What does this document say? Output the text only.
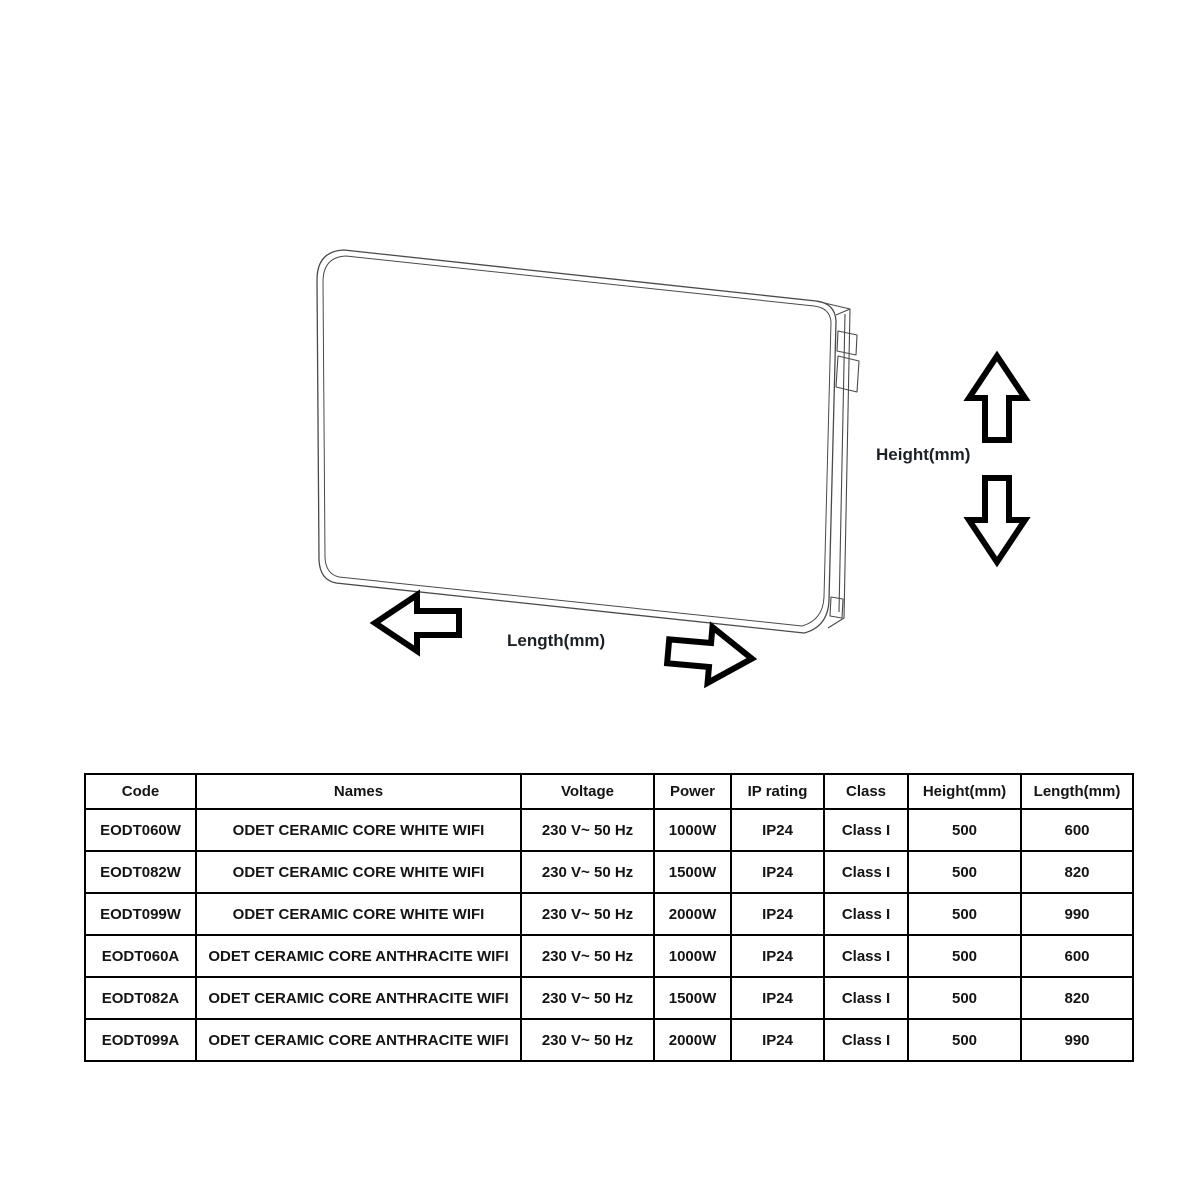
Height(mm)
Length(mm)
Code	Names	Voltage	Power	IP rating	Class	Height(mm)	Length(mm)
EODT060W	ODET CERAMIC CORE WHITE WIFI	230 V~ 50 Hz	1000W	IP24	Class I	500	600
EODT082W	ODET CERAMIC CORE WHITE WIFI	230 V~ 50 Hz	1500W	IP24	Class I	500	820
EODT099W	ODET CERAMIC CORE WHITE WIFI	230 V~ 50 Hz	2000W	IP24	Class I	500	990
EODT060A	ODET CERAMIC CORE ANTHRACITE WIFI	230 V~ 50 Hz	1000W	IP24	Class I	500	600
EODT082A	ODET CERAMIC CORE ANTHRACITE WIFI	230 V~ 50 Hz	1500W	IP24	Class I	500	820
EODT099A	ODET CERAMIC CORE ANTHRACITE WIFI	230 V~ 50 Hz	2000W	IP24	Class I	500	990
